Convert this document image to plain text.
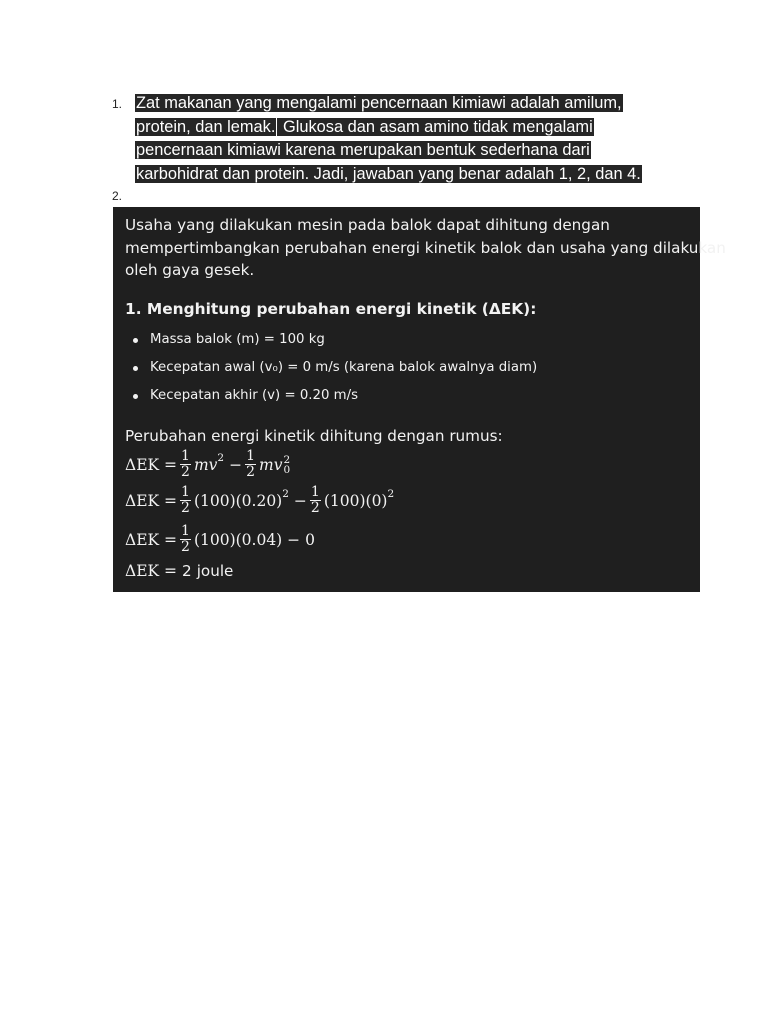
1. Zat makanan yang mengalami pencernaan kimiawi adalah amilum,
protein, dan lemak. Glukosa dan asam amino tidak mengalami
pencernaan kimiawi karena merupakan bentuk sederhana dari
karbohidrat dan protein. Jadi, jawaban yang benar adalah 1, 2, dan 4.
2.
Usaha yang dilakukan mesin pada balok dapat dihitung dengan
mempertimbangkan perubahan energi kinetik balok dan usaha yang dilakukan
oleh gaya gesek.
1. Menghitung perubahan energi kinetik (ΔEK):
Massa balok (m) = 100 kg
Kecepatan awal (v₀) = 0 m/s (karena balok awalnya diam)
Kecepatan akhir (v) = 0.20 m/s
Perubahan energi kinetik dihitung dengan rumus:
$\Delta EK = \frac{1}{2}$ mv $2 - \frac{1}{2}$ mv 2
0
$\Delta EK = \frac{1}{2} (100)(0.20) 2 - \frac{1}{2} (100)(0)$ 2
$\Delta EK = \frac{1}{2} (100)(0.04) - 0$
ΔEK = 2 joule
